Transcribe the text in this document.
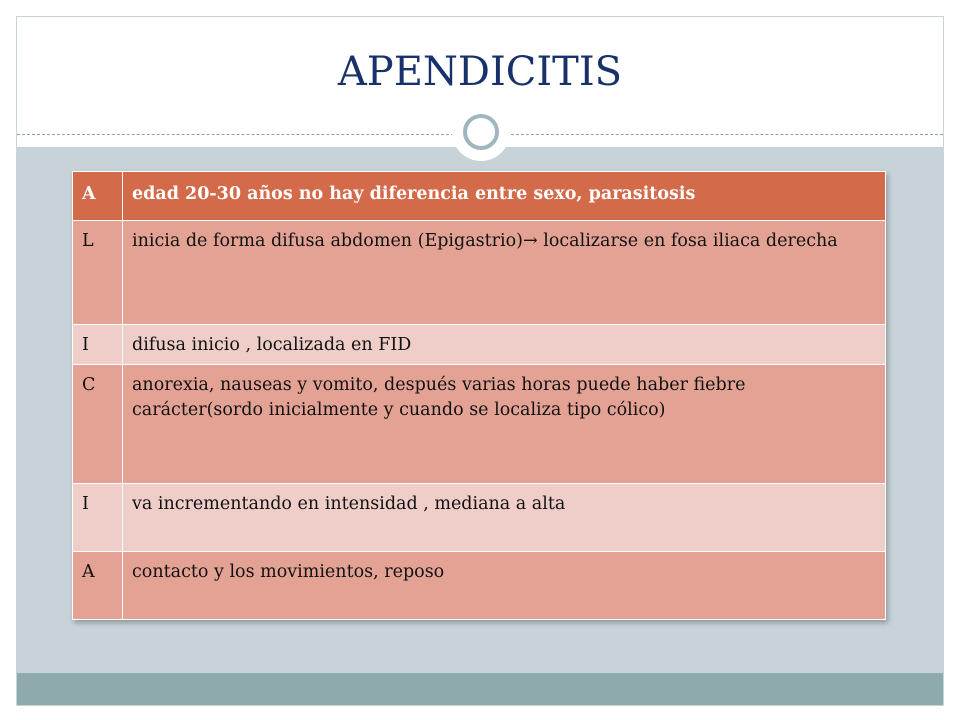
APENDICITIS
A	edad 20-30 años no hay diferencia entre sexo, parasitosis
L	inicia de forma difusa abdomen (Epigastrio)→ localizarse en fosa iliaca derecha
I	difusa inicio , localizada en FID
C	anorexia, nauseas y vomito, después varias horas puede haber fiebre carácter(sordo inicialmente y cuando se localiza tipo cólico)
I	va incrementando en intensidad , mediana a alta
A	contacto y los movimientos, reposo
